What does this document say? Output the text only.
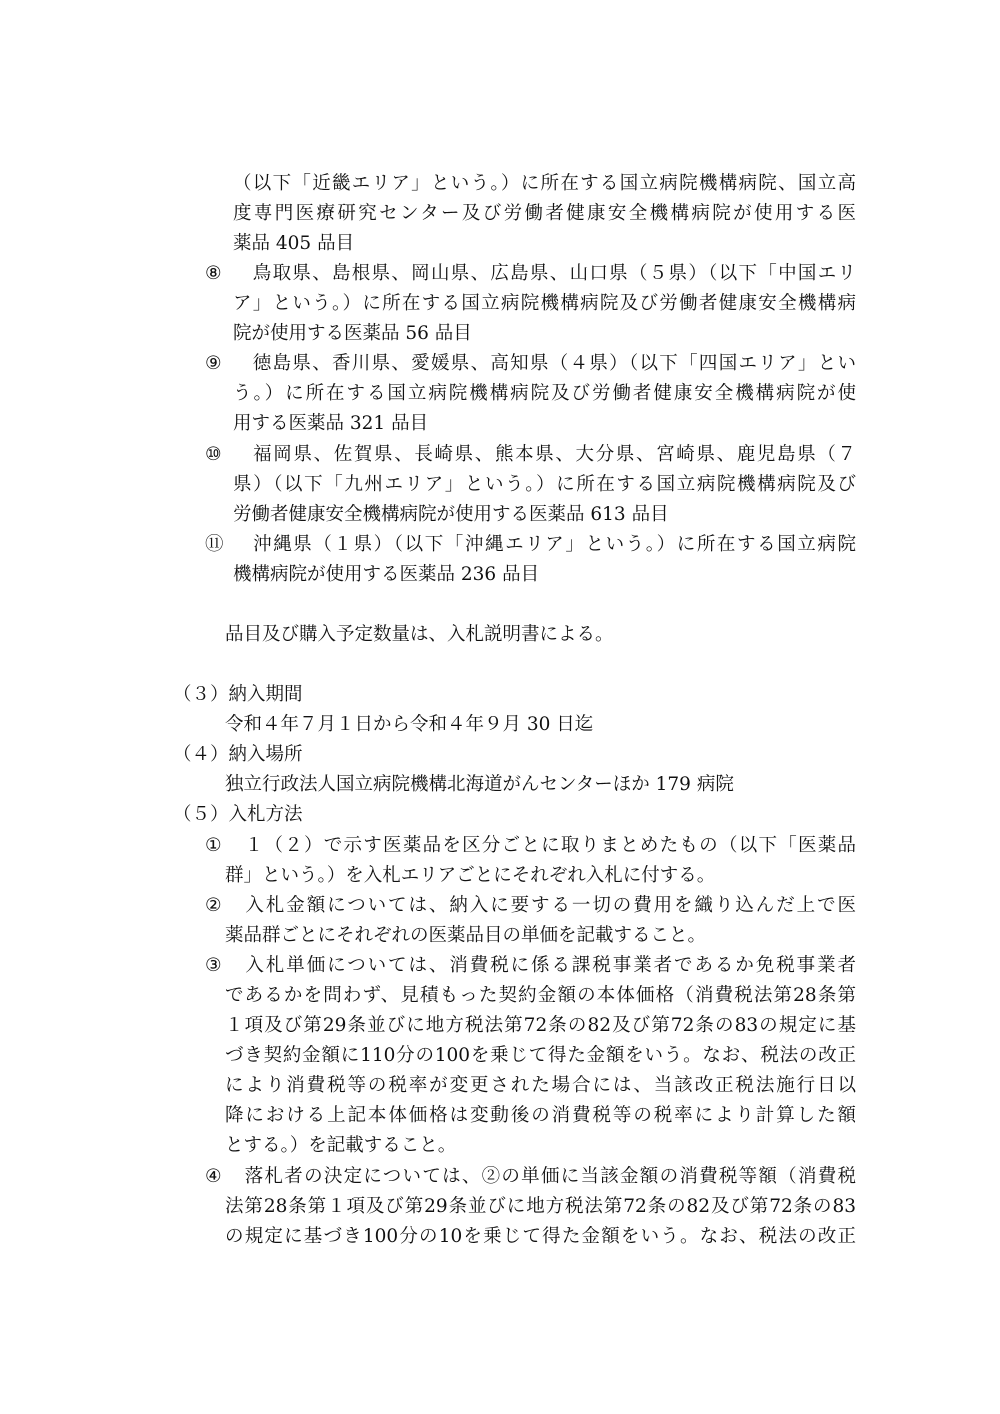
（以下「近畿エリア」という。）に所在する国立病院機構病院、国立高
度専門医療研究センター及び労働者健康安全機構病院が使用する医
薬品 405 品目
⑧ 　鳥取県、島根県、岡山県、広島県、山口県（５県）（以下「中国エリ
ア」という。）に所在する国立病院機構病院及び労働者健康安全機構病
院が使用する医薬品 56 品目
⑨ 　徳島県、香川県、愛媛県、高知県（４県）（以下「四国エリア」とい
う。）に所在する国立病院機構病院及び労働者健康安全機構病院が使
用する医薬品 321 品目
⑩ 　福岡県、佐賀県、長崎県、熊本県、大分県、宮崎県、鹿児島県（７
県）（以下「九州エリア」という。）に所在する国立病院機構病院及び
労働者健康安全機構病院が使用する医薬品 613 品目
⑪ 　沖縄県（１県）（以下「沖縄エリア」という。）に所在する国立病院
機構病院が使用する医薬品 236 品目
品目及び購入予定数量は、入札説明書による。
（３）納入期間
令和４年７月１日から令和４年９月 30 日迄
（４）納入場所
独立行政法人国立病院機構北海道がんセンターほか 179 病院
（５）入札方法
① 　１（２）で示す医薬品を区分ごとに取りまとめたもの（以下「医薬品
群」という。）を入札エリアごとにそれぞれ入札に付する。
② 　入札金額については、納入に要する一切の費用を織り込んだ上で医
薬品群ごとにそれぞれの医薬品目の単価を記載すること。
③ 　入札単価については、消費税に係る課税事業者であるか免税事業者
であるかを問わず、見積もった契約金額の本体価格（消費税法第28条第
１項及び第29条並びに地方税法第72条の82及び第72条の83の規定に基
づき契約金額に110分の100を乗じて得た金額をいう。なお、税法の改正
により消費税等の税率が変更された場合には、当該改正税法施行日以
降における上記本体価格は変動後の消費税等の税率により計算した額
とする。）を記載すること。
④ 　落札者の決定については、②の単価に当該金額の消費税等額（消費税
法第28条第１項及び第29条並びに地方税法第72条の82及び第72条の83
の規定に基づき100分の10を乗じて得た金額をいう。なお、税法の改正
